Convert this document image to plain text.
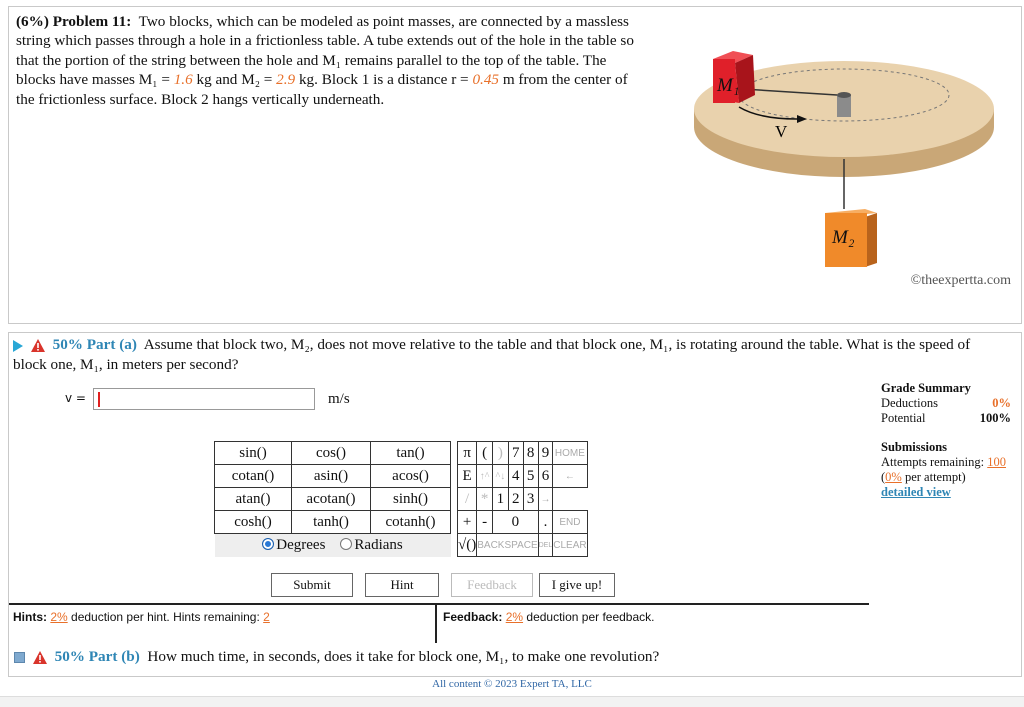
(6%) Problem 11: Two blocks, which can be modeled as point masses, are connected by a massless
string which passes through a hole in a frictionless table. A tube extends out of the hole in the table so
that the portion of the string between the hole and M₁ remains parallel to the top of the table. The
blocks have masses M₁ = 1.6 kg and M₂ = 2.9 kg. Block 1 is a distance r = 0.45 m from the center of
the frictionless surface. Block 2 hangs vertically underneath.
V
M₁
M₂
©theexpertta.com
50% Part (a) Assume that block two, M₂, does not move relative to the table and that block one, M₁, is rotating around the table. What is the speed of
block one, M₁, in meters per second?
v =	m/s
sin()	cos()	tan()
cotan()	asin()	acos()
atan()	acotan()	sinh()
cosh()	tanh()	cotanh()
Degrees Radians		
π	(	)	7	8	9	HOME
E	↑^	^↓	4	5	6	←
/	*	1	2	3	→	
+	-	0			.	END
√()	BACKSPACE				DEL	CLEAR
Submit	Hint	Feedback	I give up!
Hints: 2% deduction per hint. Hints remaining: 2	Feedback: 2% deduction per feedback.
Grade Summary
Deductions	0%
Potential	100%
Submissions
Attempts remaining: 100
(0% per attempt)
detailed view
50% Part (b) How much time, in seconds, does it take for block one, M₁, to make one revolution?
All content © 2023 Expert TA, LLC
